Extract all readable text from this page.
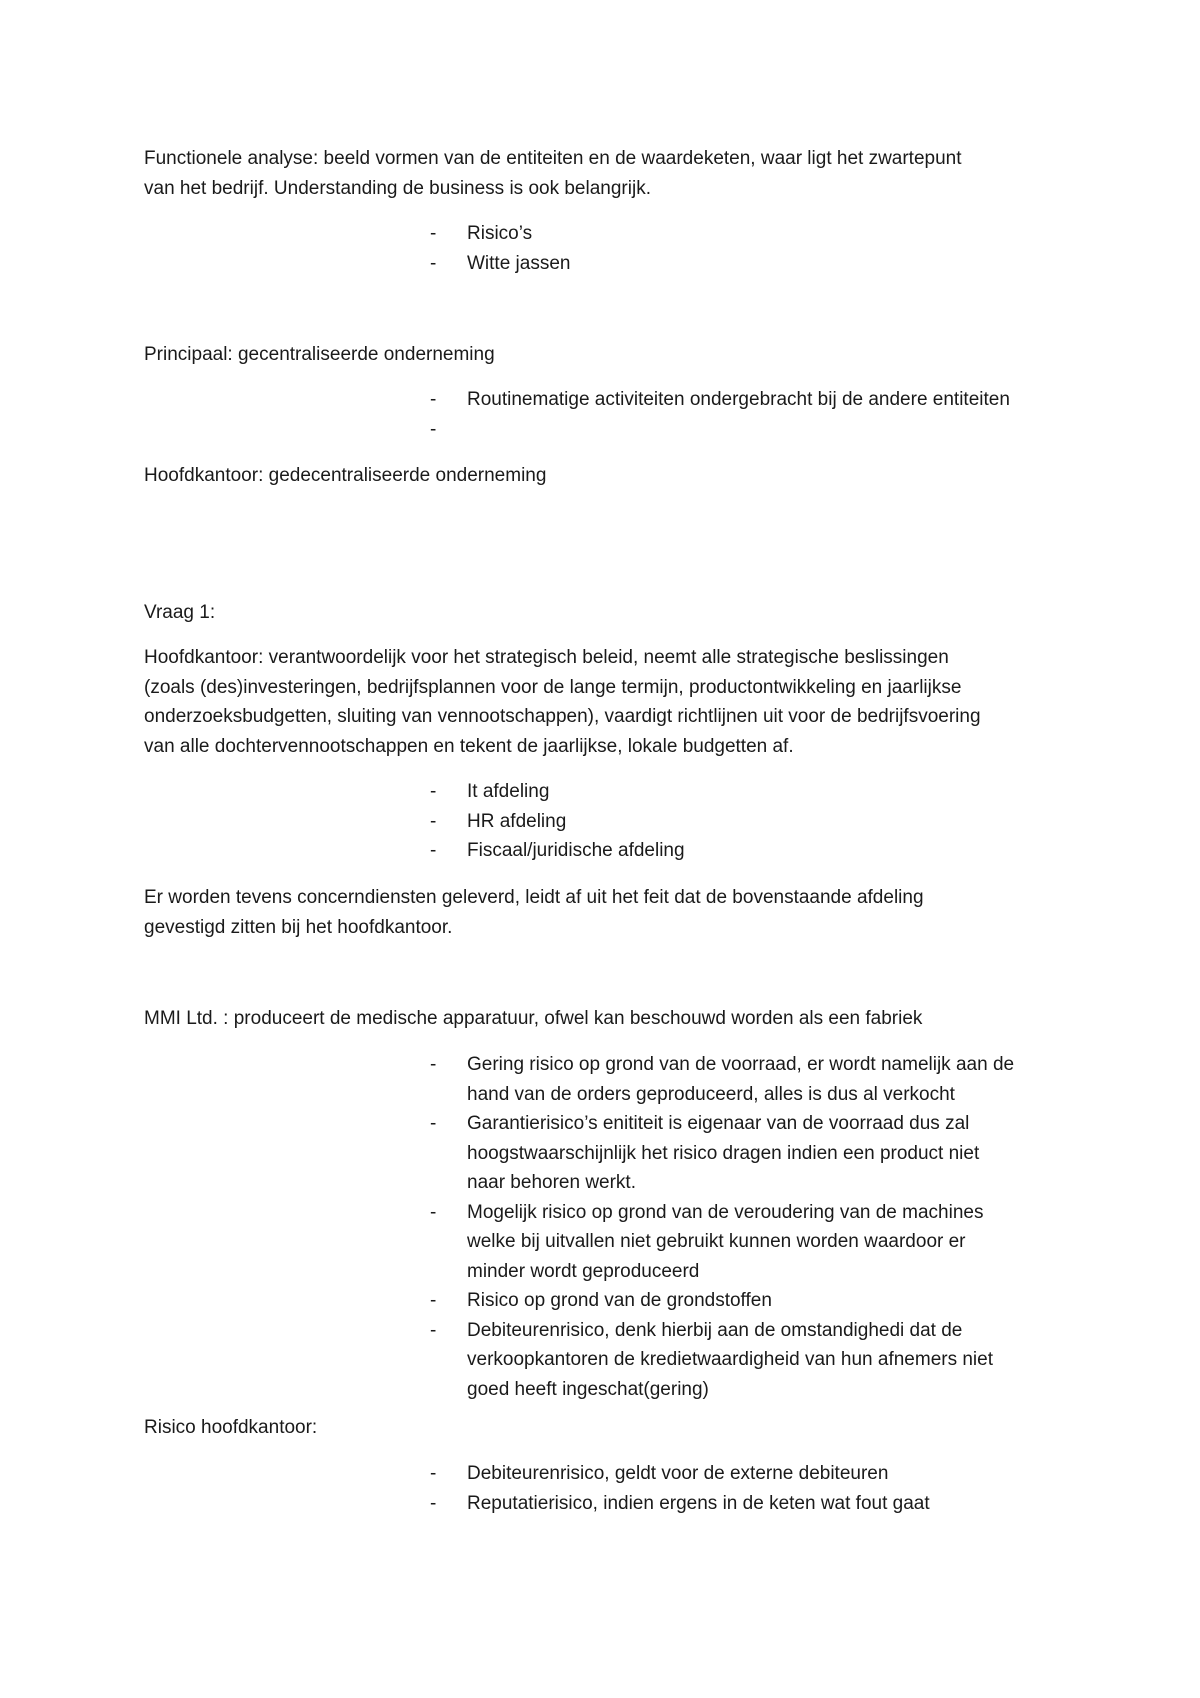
Functionele analyse: beeld vormen van de entiteiten en de waardeketen, waar ligt het zwartepunt
van het bedrijf. Understanding de business is ook belangrijk.

- Risico’s
- Witte jassen

Principaal: gecentraliseerde onderneming

- Routinematige activiteiten ondergebracht bij de andere entiteiten
-

Hoofdkantoor: gedecentraliseerde onderneming

Vraag 1:

Hoofdkantoor: verantwoordelijk voor het strategisch beleid, neemt alle strategische beslissingen
(zoals (des)investeringen, bedrijfsplannen voor de lange termijn, productontwikkeling en jaarlijkse
onderzoeksbudgetten, sluiting van vennootschappen), vaardigt richtlijnen uit voor de bedrijfsvoering
van alle dochtervennootschappen en tekent de jaarlijkse, lokale budgetten af.

- It afdeling
- HR afdeling
- Fiscaal/juridische afdeling

Er worden tevens concerndiensten geleverd, leidt af uit het feit dat de bovenstaande afdeling
gevestigd zitten bij het hoofdkantoor.

MMI Ltd. : produceert de medische apparatuur, ofwel kan beschouwd worden als een fabriek

- Gering risico op grond van de voorraad, er wordt namelijk aan de
hand van de orders geproduceerd, alles is dus al verkocht
- Garantierisico’s enititeit is eigenaar van de voorraad dus zal
hoogstwaarschijnlijk het risico dragen indien een product niet
naar behoren werkt.
- Mogelijk risico op grond van de veroudering van de machines
welke bij uitvallen niet gebruikt kunnen worden waardoor er
minder wordt geproduceerd
- Risico op grond van de grondstoffen
- Debiteurenrisico, denk hierbij aan de omstandighedi dat de
verkoopkantoren de kredietwaardigheid van hun afnemers niet
goed heeft ingeschat(gering)

Risico hoofdkantoor:

- Debiteurenrisico, geldt voor de externe debiteuren
- Reputatierisico, indien ergens in de keten wat fout gaat
